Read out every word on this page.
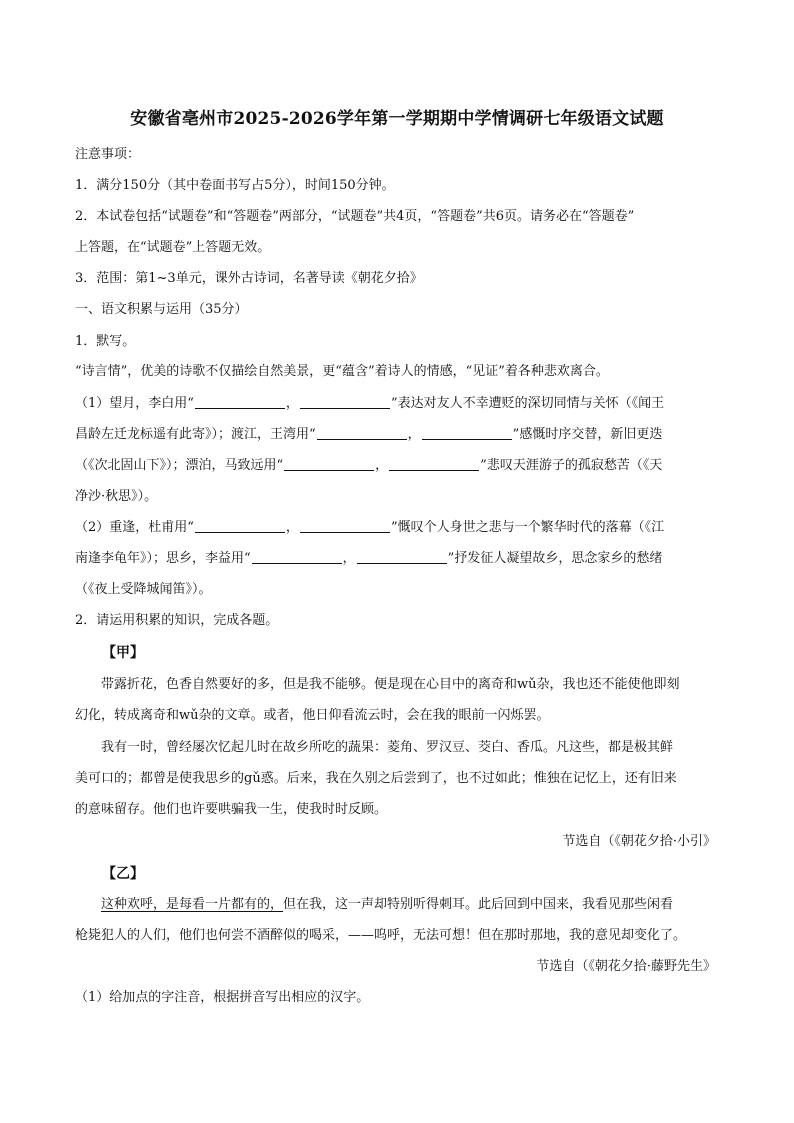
安徽省亳州市2025-2026学年第一学期期中学情调研七年级语文试题
注意事项：
1．满分150分（其中卷面书写占5分），时间150分钟。
2．本试卷包括“试题卷”和“答题卷”两部分，“试题卷”共4页，“答题卷”共6页。请务必在“答题卷”
上答题，在“试题卷”上答题无效。
3．范围：第1~3单元，课外古诗词，名著导读《朝花夕拾》
一、语文积累与运用（35分）
1．默写。
“诗言情”，优美的诗歌不仅描绘自然美景，更“蕴含”着诗人的情感，“见证”着各种悲欢离合。
（1）望月，李白用“	，	”表达对友人不幸遭贬的深切同情与关怀（《闻王
昌龄左迁龙标遥有此寄》）；渡江，王湾用“	，	”感慨时序交替，新旧更迭
（《次北固山下》）；漂泊，马致远用“	，	”悲叹天涯游子的孤寂愁苦（《天
净沙·秋思》）。
（2）重逢，杜甫用“	，	”慨叹个人身世之悲与一个繁华时代的落幕（《江
南逢李龟年》）；思乡，李益用“	，	”抒发征人凝望故乡，思念家乡的愁绪
（《夜上受降城闻笛》）。
2．请运用积累的知识，完成各题。
【甲】
带露折花，色香自然要好的多，但是我不能够。便是现在心目中的离奇和wǔ杂，我也还不能使他即刻
幻化，转成离奇和wǔ杂的文章。或者，他日仰看流云时，会在我的眼前一闪烁罢。
我有一时，曾经屡次忆起儿时在故乡所吃的蔬果：菱角、罗汉豆、茭白、香瓜。凡这些，都是极其鲜
美可口的；都曾是使我思乡的gǔ惑。后来，我在久别之后尝到了，也不过如此；惟独在记忆上，还有旧来
的意味留存。他们也许要哄骗我一生，使我时时反顾。
节选自（《朝花夕拾·小引》
【乙】
这种欢呼，是每看一片都有的，但在我，这一声却特别听得刺耳。此后回到中国来，我看见那些闲看
枪毙犯人的人们，他们也何尝不酒醉似的喝采，——呜呼，无法可想！但在那时那地，我的意见却变化了。
节选自（《朝花夕拾·藤野先生》
（1）给加点的字注音，根据拼音写出相应的汉字。
